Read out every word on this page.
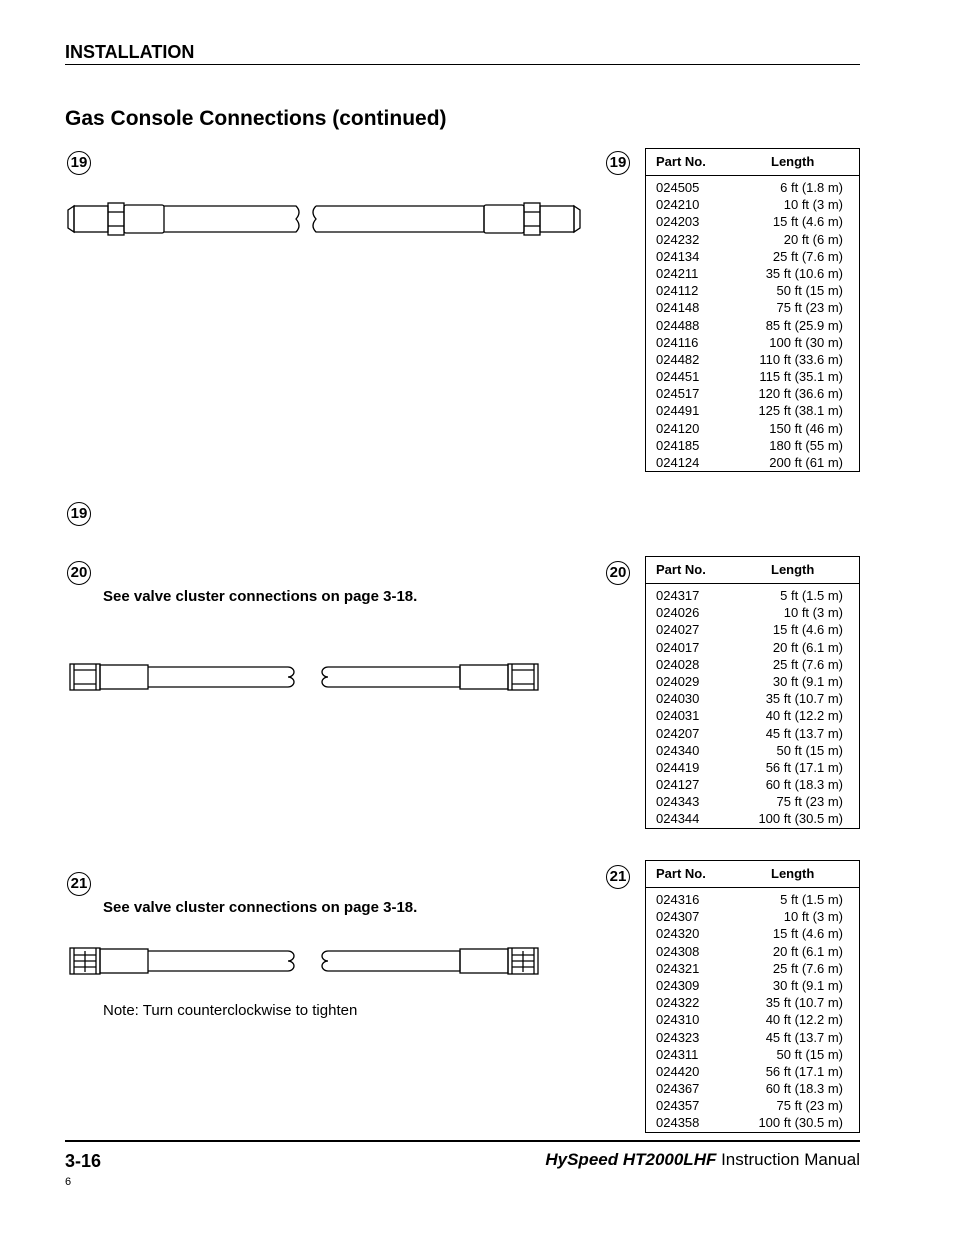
INSTALLATION
Gas Console Connections (continued)
19	19 Part No.	Length
024505	6 ft (1.8 m)
024210	10 ft (3 m)
024203	15 ft (4.6 m)
024232	20 ft (6 m)
024134	25 ft (7.6 m)
024211	35 ft (10.6 m)
024112	50 ft (15 m)
024148	75 ft (23 m)
024488	85 ft (25.9 m)
024116	100 ft (30 m)
024482	110 ft (33.6 m)
024451	115 ft (35.1 m)
024517	120 ft (36.6 m)
024491	125 ft (38.1 m)
024120	150 ft (46 m)
024185	180 ft (55 m)
024124	200 ft (61 m)
19
20
See valve cluster connections on page 3-18.
20 Part No.	Length
024317	5 ft (1.5 m)
024026	10 ft (3 m)
024027	15 ft (4.6 m)
024017	20 ft (6.1 m)
024028	25 ft (7.6 m)
024029	30 ft (9.1 m)
024030	35 ft (10.7 m)
024031	40 ft (12.2 m)
024207	45 ft (13.7 m)
024340	50 ft (15 m)
024419	56 ft (17.1 m)
024127	60 ft (18.3 m)
024343	75 ft (23 m)
024344	100 ft (30.5 m)
21
See valve cluster connections on page 3-18.
Note: Turn counterclockwise to tighten
21 Part No.	Length
024316	5 ft (1.5 m)
024307	10 ft (3 m)
024320	15 ft (4.6 m)
024308	20 ft (6.1 m)
024321	25 ft (7.6 m)
024309	30 ft (9.1 m)
024322	35 ft (10.7 m)
024310	40 ft (12.2 m)
024323	45 ft (13.7 m)
024311	50 ft (15 m)
024420	56 ft (17.1 m)
024367	60 ft (18.3 m)
024357	75 ft (23 m)
024358	100 ft (30.5 m)
3-16	HySpeed HT2000LHF Instruction Manual
6
